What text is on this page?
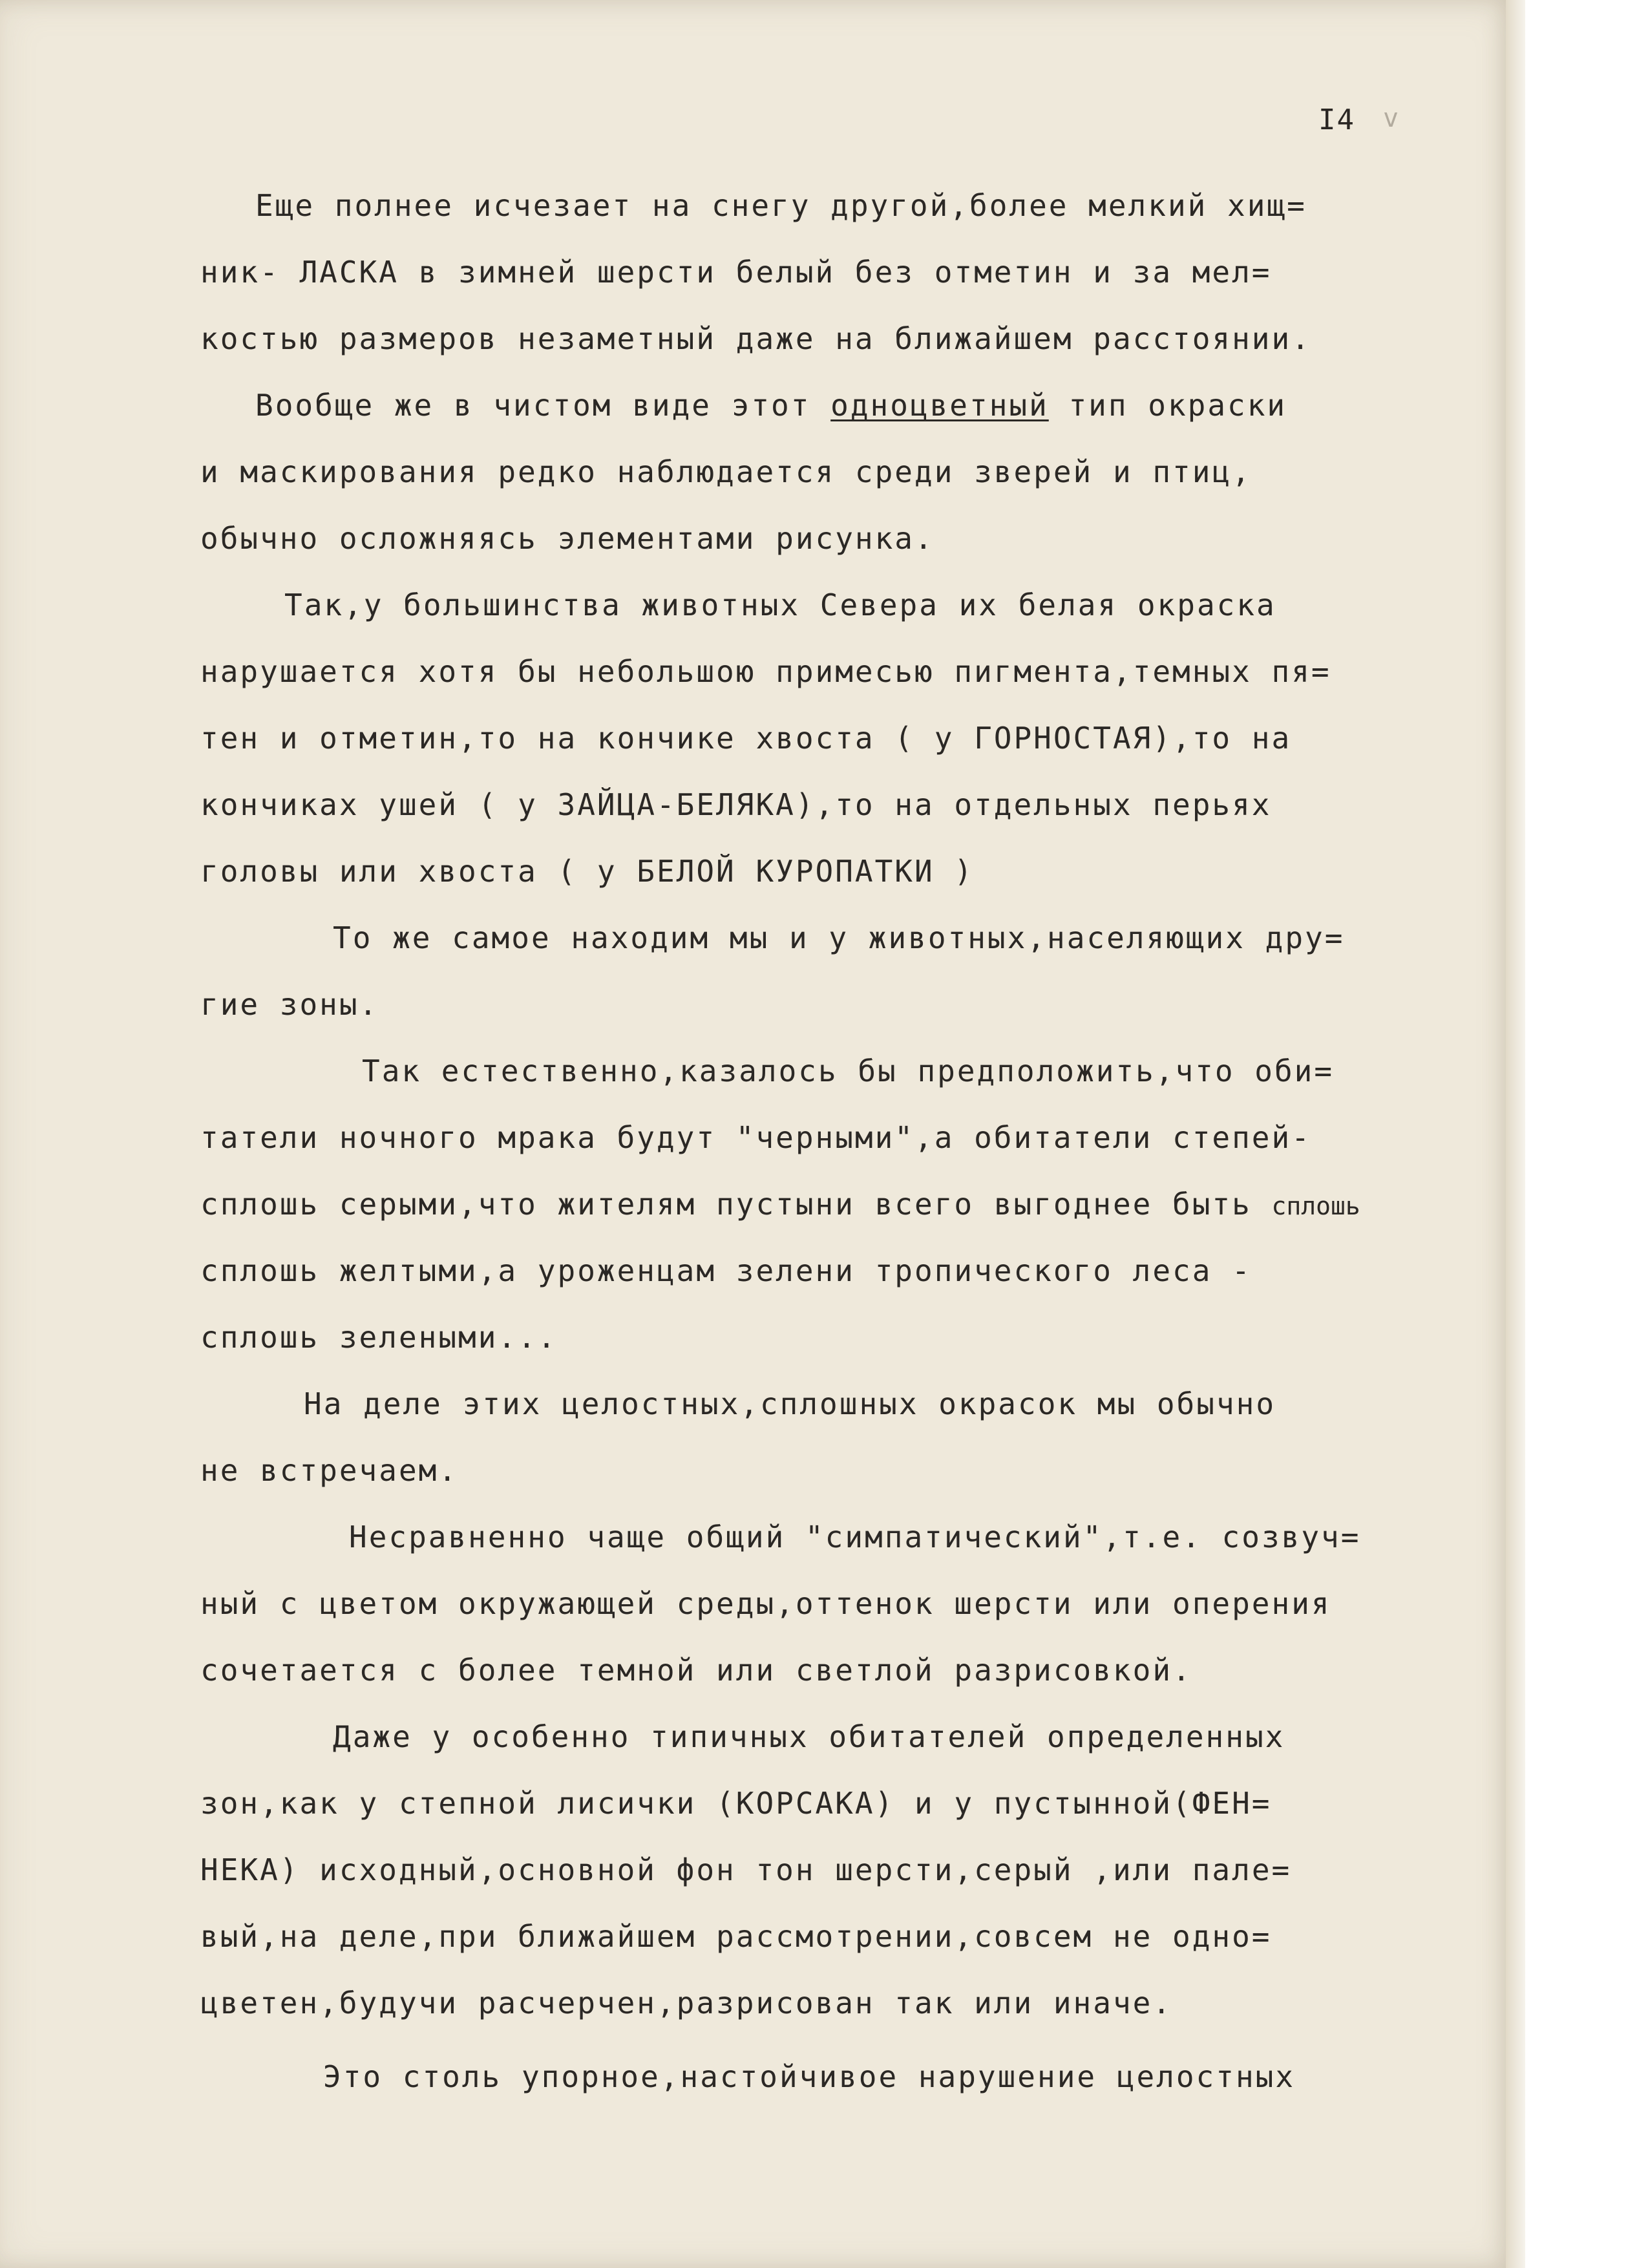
I4 v
Еще полнее исчезает на снегу другой,более мелкий хищ=
ник- ЛАСКА в зимней шерсти белый без отметин и за мел=
костью размеров незаметный даже на ближайшем расстоянии.
Вообще же в чистом виде этот одноцветный тип окраски
и маскирования редко наблюдается среди зверей и птиц,
обычно осложняясь элементами рисунка.
Так,у большинства животных Севера их белая окраска
нарушается хотя бы небольшою примесью пигмента,темных пя=
тен и отметин,то на кончике хвоста ( у ГОРНОСТАЯ),то на
кончиках ушей ( у ЗАЙЦА-БЕЛЯКА),то на отдельных перьях
головы или хвоста ( у БЕЛОЙ КУРОПАТКИ )
То же самое находим мы и у животных,населяющих дру=
гие зоны.
Так естественно,казалось бы предположить,что оби=
татели ночного мрака будут "черными",а обитатели степей-
сплошь серыми,что жителям пустыни всего выгоднее быть сплошь
сплошь желтыми,а уроженцам зелени тропического леса -
сплошь зелеными...
На деле этих целостных,сплошных окрасок мы обычно
не встречаем.
Несравненно чаще общий "симпатический",т.е. созвуч=
ный с цветом окружающей среды,оттенок шерсти или оперения
сочетается с более темной или светлой разрисовкой.
Даже у особенно типичных обитателей определенных
зон,как у степной лисички (КОРСАКА) и у пустынной(ФЕН=
НЕКА) исходный,основной фон тон шерсти,серый ,или пале=
вый,на деле,при ближайшем рассмотрении,совсем не одно=
цветен,будучи расчерчен,разрисован так или иначе.
Это столь упорное,настойчивое нарушение целостных
